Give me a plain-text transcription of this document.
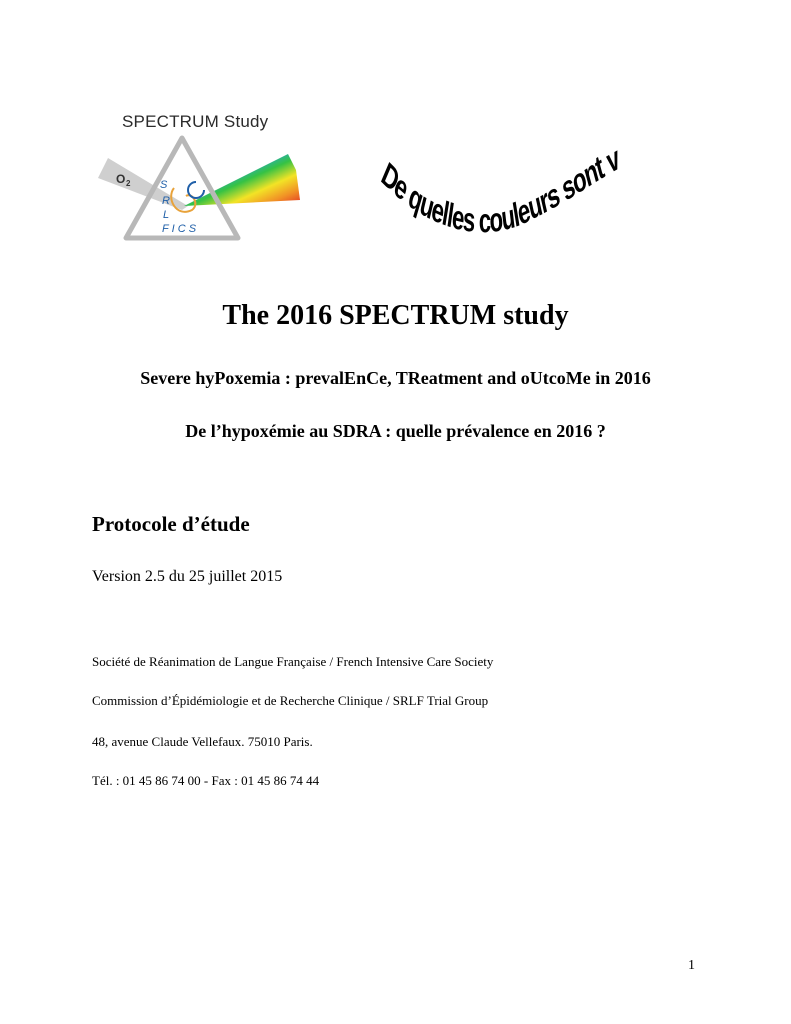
SPECTRUM Study
O 2	S
R
L
F I C S
De quelles couleurs sont v
The 2016 SPECTRUM study
Severe hyPoxemia : prevalEnCe, TReatment and oUtcoMe in 2016
De l’hypoxémie au SDRA : quelle prévalence en 2016 ?
Protocole d’étude
Version 2.5 du 25 juillet 2015
Société de Réanimation de Langue Française / French Intensive Care Society
Commission d’Épidémiologie et de Recherche Clinique / SRLF Trial Group
48, avenue Claude Vellefaux. 75010 Paris.
Tél. : 01 45 86 74 00 - Fax : 01 45 86 74 44
1
